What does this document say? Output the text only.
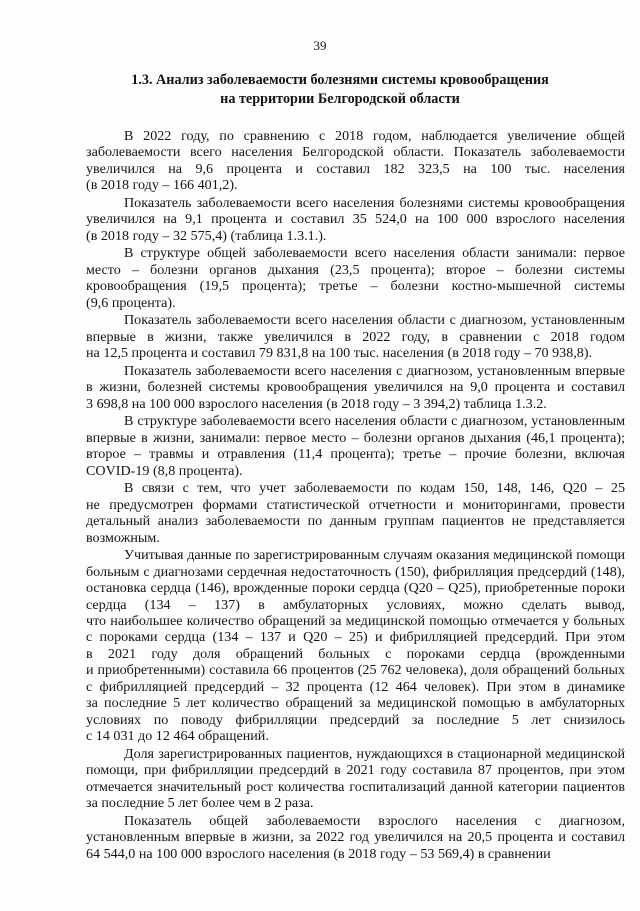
39
1.3. Анализ заболеваемости болезнями системы кровообращения
на территории Белгородской области
В 2022 году, по сравнению с 2018 годом, наблюдается увеличение общей
заболеваемости всего населения Белгородской области. Показатель заболеваемости
увеличился на 9,6 процента и составил 182 323,5 на 100 тыс. населения
(в 2018 году – 166 401,2).
Показатель заболеваемости всего населения болезнями системы кровообращения
увеличился на 9,1 процента и составил 35 524,0 на 100 000 взрослого населения
(в 2018 году – 32 575,4) (таблица 1.3.1.).
В структуре общей заболеваемости всего населения области занимали: первое
место – болезни органов дыхания (23,5 процента); второе – болезни системы
кровообращения (19,5 процента); третье – болезни костно-мышечной системы
(9,6 процента).
Показатель заболеваемости всего населения области с диагнозом, установленным
впервые в жизни, также увеличился в 2022 году, в сравнении с 2018 годом
на 12,5 процента и составил 79 831,8 на 100 тыс. населения (в 2018 году – 70 938,8).
Показатель заболеваемости всего населения с диагнозом, установленным впервые
в жизни, болезней системы кровообращения увеличился на 9,0 процента и составил
3 698,8 на 100 000 взрослого населения (в 2018 году – 3 394,2) таблица 1.3.2.
В структуре заболеваемости всего населения области с диагнозом, установленным
впервые в жизни, занимали: первое место – болезни органов дыхания (46,1 процента);
второе – травмы и отравления (11,4 процента); третье – прочие болезни, включая
COVID-19 (8,8 процента).
В связи с тем, что учет заболеваемости по кодам 150, 148, 146, Q20 – 25
не предусмотрен формами статистической отчетности и мониторингами, провести
детальный анализ заболеваемости по данным группам пациентов не представляется
возможным.
Учитывая данные по зарегистрированным случаям оказания медицинской помощи
больным с диагнозами сердечная недостаточность (150), фибрилляция предсердий (148),
остановка сердца (146), врожденные пороки сердца (Q20 – Q25), приобретенные пороки
сердца (134 – 137) в амбулаторных условиях, можно сделать вывод,
что наибольшее количество обращений за медицинской помощью отмечается у больных
с пороками сердца (134 – 137 и Q20 – 25) и фибрилляцией предсердий. При этом
в 2021 году доля обращений больных с пороками сердца (врожденными
и приобретенными) составила 66 процентов (25 762 человека), доля обращений больных
с фибрилляцией предсердий – 32 процента (12 464 человек). При этом в динамике
за последние 5 лет количество обращений за медицинской помощью в амбулаторных
условиях по поводу фибрилляции предсердий за последние 5 лет снизилось
с 14 031 до 12 464 обращений.
Доля зарегистрированных пациентов, нуждающихся в стационарной медицинской
помощи, при фибрилляции предсердий в 2021 году составила 87 процентов, при этом
отмечается значительный рост количества госпитализаций данной категории пациентов
за последние 5 лет более чем в 2 раза.
Показатель общей заболеваемости взрослого населения с диагнозом,
установленным впервые в жизни, за 2022 год увеличился на 20,5 процента и составил
64 544,0 на 100 000 взрослого населения (в 2018 году – 53 569,4) в сравнении
